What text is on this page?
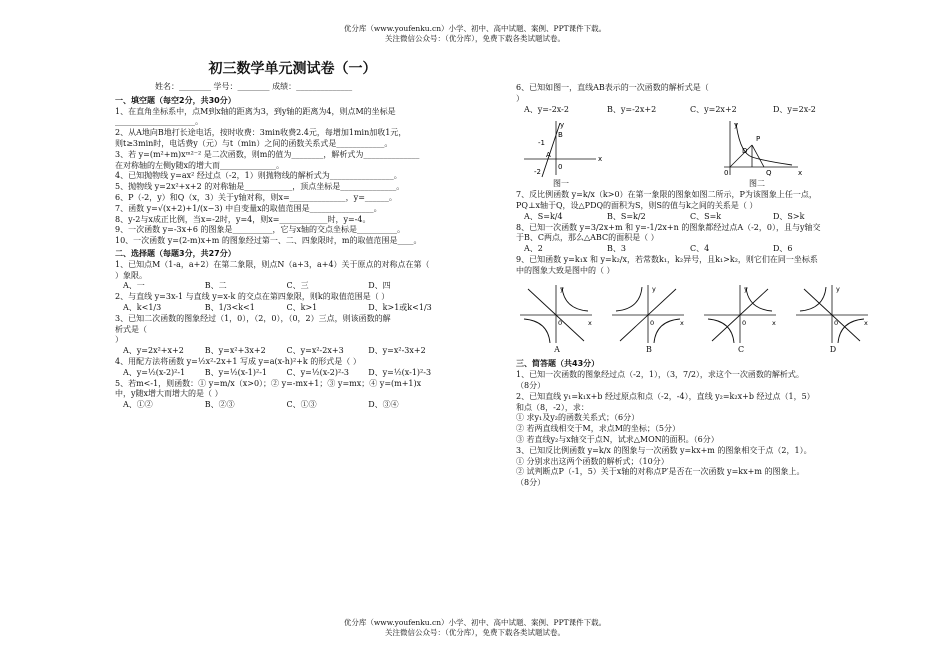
优分库（www.youfenku.cn）小学、初中、高中试题、案例、PPT课件下载。
关注微信公众号：（优分库），免费下载各类试题试卷。
初三数学单元测试卷（一）
姓名：________ 学号：________ 成绩：______________
一、填空题（每空2分，共30分）
1、在直角坐标系中，点M到x轴的距离为3，到y轴的距离为4，则点M的坐标是
____________________。
2、从A地向B地打长途电话，按时收费：3min收费2.4元，每增加1min加收1元，
则t≥3min时，电话费y（元）与t（min）之间的函数关系式是____________。
3、若 y=(m²+m)xᵐ²⁻² 是二次函数，则m的值为________，解析式为______________
在对称轴的左侧y随x的增大而______________。
4、已知抛物线 y=ax² 经过点（-2，1）则抛物线的解析式为________________。
5、抛物线 y=2x²+x+2 的对称轴是____________，顶点坐标是______________。
6、P（-2，y）和Q（x，3）关于y轴对称，则x=______________，y=______。
7、函数 y=√(x+2)+1/(x−3) 中自变量x的取值范围是________________。
8、y-2与x成正比例，当x=-2时，y=4，则x=____________时，y=-4。
9、一次函数 y=-3x+6 的图象是__________，它与x轴的交点坐标是__________。
10、一次函数 y=(2-m)x+m 的图象经过第一、二、四象限时，m的取值范围是____。
二、选择题（每题3分，共27分）
1、已知点M（1-a，a+2）在第二象限，则点N（a+3，a+4）关于原点的对称点在第（
）象限。
A、一	B、二	C、三	D、四
2、与直线 y=3x-1 与直线 y=x-k 的交点在第四象限，则k的取值范围是（ ）
A、k<1/3	B、1/3<k<1	C、k>1	D、k>1或k<1/3
3、已知二次函数的图象经过（1，0），（2，0），（0，2）三点，则该函数的解
析式是（
）
A、y=2x²+x+2	B、y=x²+3x+2	C、y=x²-2x+3	D、y=x²-3x+2
4、用配方法将函数 y=½x²-2x+1 写成 y=a(x-h)²+k 的形式是（ ）
A、y=½(x-2)²-1	B、y=½(x-1)²-1	C、y=½(x-2)²-3	D、y=½(x-1)²-3
5、若m<-1，则函数：① y=m/x（x>0）；② y=-mx+1；③ y=mx；④ y=(m+1)x
中，y随x增大而增大的是（ ）
A、①②	B、②③	C、①③	D、③④
6、已知如图一，直线AB表示的一次函数的解析式是（
）
A、y=-2x-2	B、y=-2x+2	C、y=2x+2	D、y=2x-2
y
x
0
-1
-2
B
A
图一
y
x
P
D
0	Q
图二
7、反比例函数 y=k/x（k>0）在第一象限的图象如图二所示，P为该图象上任一点，
PQ⊥x轴于Q，设△PDQ的面积为S，则S的值与k之间的关系是（ ）
A、S=k/4	B、S=k/2	C、S=k	D、S>k
8、已知一次函数 y=3/2x+m 和 y=-1/2x+n 的图象都经过点A（-2，0），且与y轴交
于B、C两点，那么△ABC的面积是（ ）
A、2	B、3	C、4	D、6
9、已知函数 y=k₁x 和 y=k₂/x，若常数k₁，k₂异号，且k₁>k₂，则它们在同一坐标系
中的图象大致是图中的（ ）
y
x
0
A
y
x
0
B
y
x
0
C
y
x
0
D
三、简答题（共43分）
1、已知一次函数的图象经过点（-2，1），（3，7/2），求这个一次函数的解析式。
（8分）
2、已知直线 y₁=k₁x+b 经过原点和点（-2，-4），直线 y₂=k₂x+b 经过点（1，5）
和点（8，-2），求：
① 求y₁及y₂的函数关系式；（6分）
② 若两直线相交于M，求点M的坐标；（5分）
③ 若直线y₂与x轴交于点N，试求△MON的面积。（6分）
3、已知反比例函数 y=k/x 的图象与一次函数 y=kx+m 的图象相交于点（2，1）。
① 分别求出这两个函数的解析式；（10分）
② 试判断点P（-1，5）关于x轴的对称点P′是否在一次函数 y=kx+m 的图象上。
（8分）
优分库（www.youfenku.cn）小学、初中、高中试题、案例、PPT课件下载。
关注微信公众号：（优分库），免费下载各类试题试卷。
